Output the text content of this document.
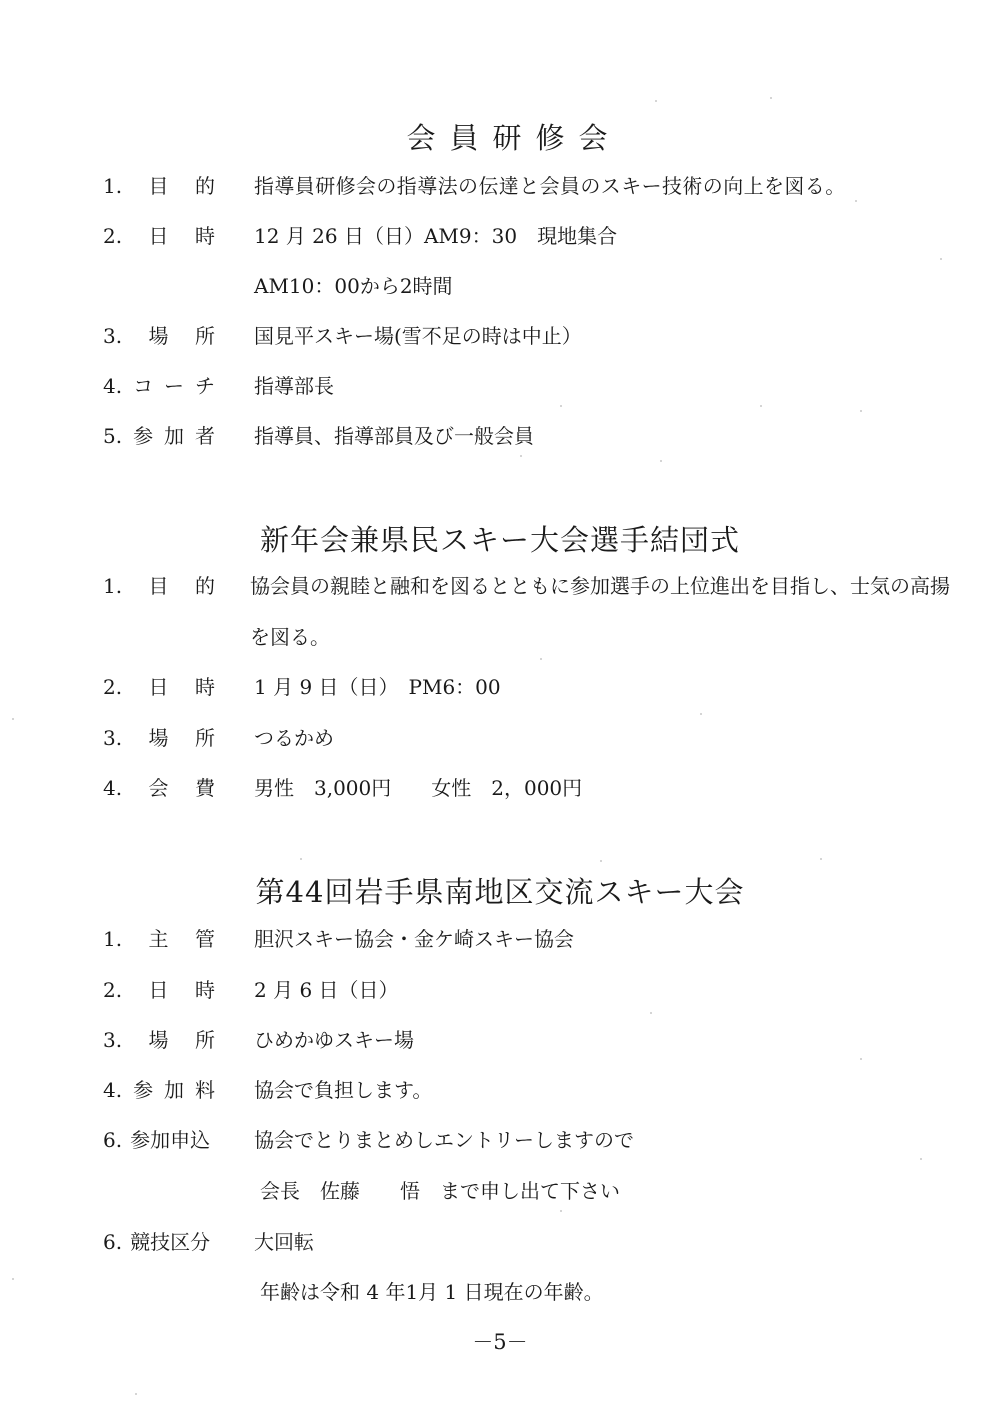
会員研修会
1. 目 的 指導員研修会の指導法の伝達と会員のスキー技術の向上を図る。
2. 日 時 12 月 26 日（日）AM9：30　現地集合
AM10：00から2時間
3. 場 所 国見平スキー場(雪不足の時は中止）
4. コ ー チ 指導部長
5. 参 加 者 指導員、指導部員及び一般会員
新年会兼県民スキー大会選手結団式
1. 目 的 協会員の親睦と融和を図るとともに参加選手の上位進出を目指し、士気の高揚
を図る。
2. 日 時 1 月 9 日（日）　PM6：00
3. 場 所 つるかめ
4. 会 費 男性　3,000円　　女性　2，000円
第44回岩手県南地区交流スキー大会
1. 主 管 胆沢スキー協会・金ケ崎スキー協会
2. 日 時 2 月 6 日（日）
3. 場 所 ひめかゆスキー場
4. 参 加 料 協会で負担します。
6. 参加申込 協会でとりまとめしエントリーしますので
会長　佐藤　　悟　まで申し出て下さい
6. 競技区分 大回転
年齢は令和 4 年1月 1 日現在の年齢。
－5－
